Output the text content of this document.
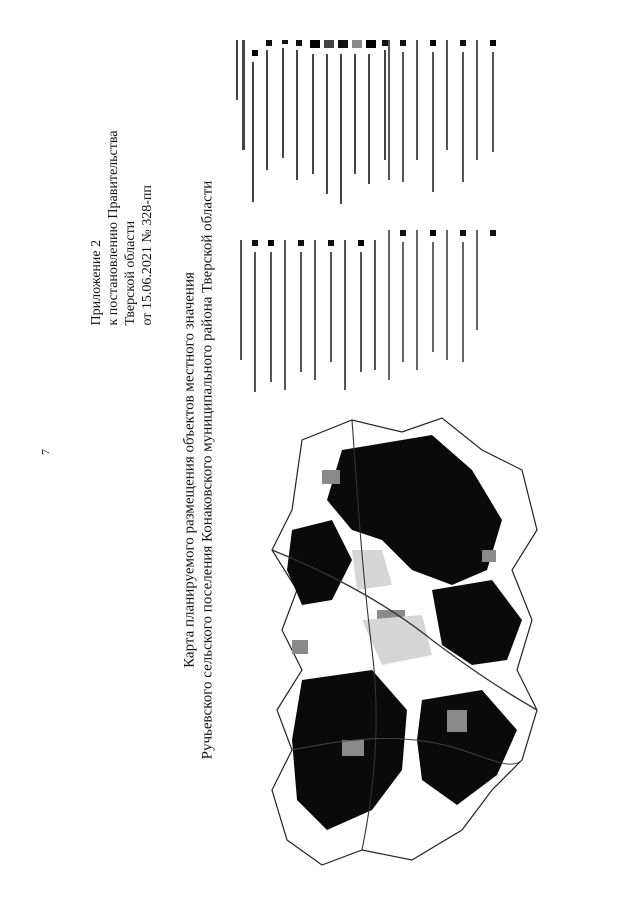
7
Приложение 2 к постановлению Правительства Тверской области от 15.06.2021 № 328-пп
Карта планируемого размещения объектов местного значения Ручьевского сельского поселения Конаковского муниципального района Тверской области
